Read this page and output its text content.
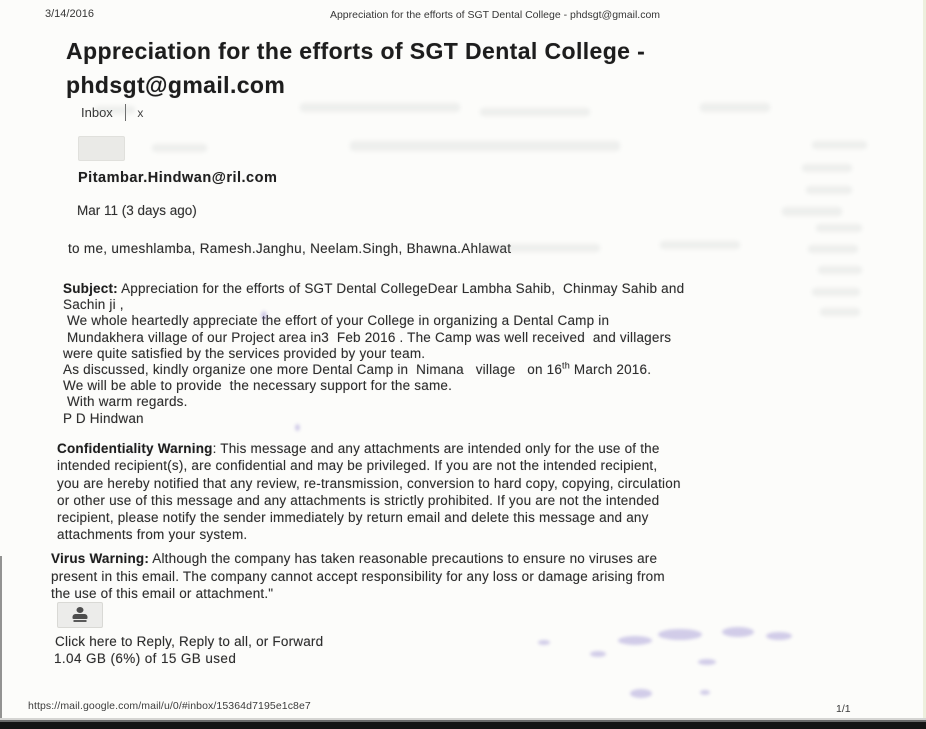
3/14/2016	Appreciation for the efforts of SGT Dental College - phdsgt@gmail.com
Appreciation for the efforts of SGT Dental College - phdsgt@gmail.com
Inbox x
Pitambar.Hindwan@ril.com
Mar 11 (3 days ago)
to me, umeshlamba, Ramesh.Janghu, Neelam.Singh, Bhawna.Ahlawat
Subject: Appreciation for the efforts of SGT Dental CollegeDear Lambha Sahib,  Chinmay Sahib and
Sachin ji ,
We whole heartedly appreciate the effort of your College in organizing a Dental Camp in
Mundakhera village of our Project area in3  Feb 2016 . The Camp was well received  and villagers
were quite satisfied by the services provided by your team.
As discussed, kindly organize one more Dental Camp in  Nimana   village   on 16th March 2016.
We will be able to provide  the necessary support for the same.
With warm regards.
P D Hindwan
Confidentiality Warning: This message and any attachments are intended only for the use of the
intended recipient(s), are confidential and may be privileged. If you are not the intended recipient,
you are hereby notified that any review, re-transmission, conversion to hard copy, copying, circulation
or other use of this message and any attachments is strictly prohibited. If you are not the intended
recipient, please notify the sender immediately by return email and delete this message and any
attachments from your system.
Virus Warning: Although the company has taken reasonable precautions to ensure no viruses are
present in this email. The company cannot accept responsibility for any loss or damage arising from
the use of this email or attachment."
Click here to Reply, Reply to all, or Forward
1.04 GB (6%) of 15 GB used
https://mail.google.com/mail/u/0/#inbox/15364d7195e1c8e7	1/1
